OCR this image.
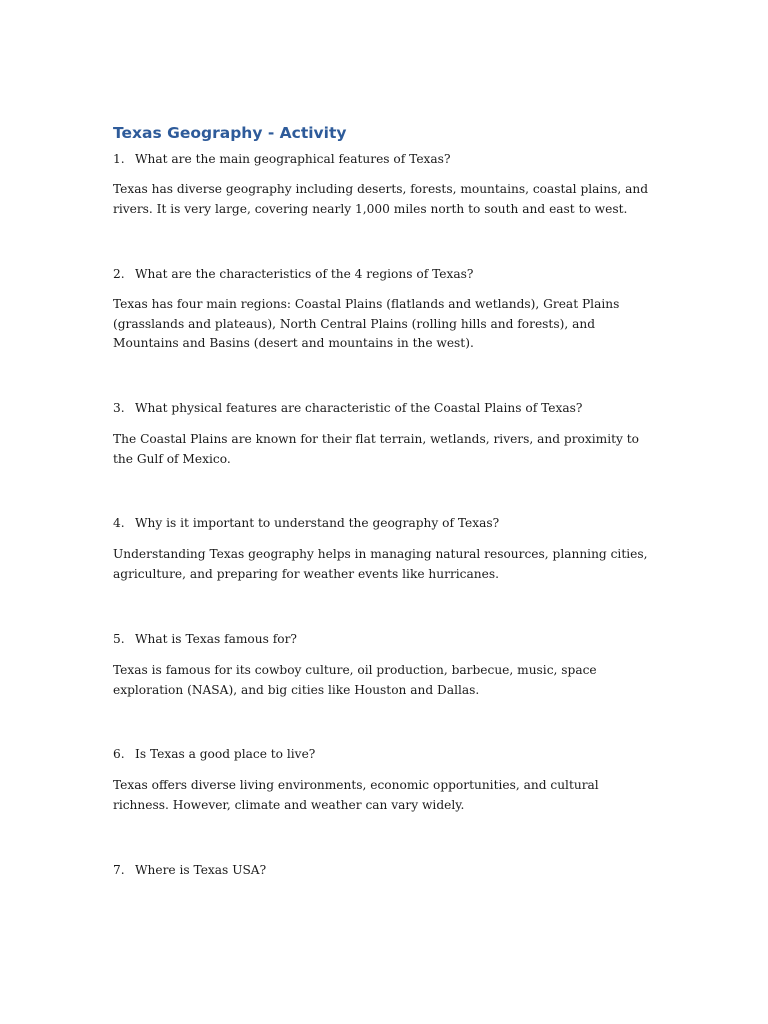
Texas Geography - Activity
1. What are the main geographical features of Texas?
Texas has diverse geography including deserts, forests, mountains, coastal plains, and rivers. It is very large, covering nearly 1,000 miles north to south and east to west.
2. What are the characteristics of the 4 regions of Texas?
Texas has four main regions: Coastal Plains (flatlands and wetlands), Great Plains (grasslands and plateaus), North Central Plains (rolling hills and forests), and Mountains and Basins (desert and mountains in the west).
3. What physical features are characteristic of the Coastal Plains of Texas?
The Coastal Plains are known for their flat terrain, wetlands, rivers, and proximity to the Gulf of Mexico.
4. Why is it important to understand the geography of Texas?
Understanding Texas geography helps in managing natural resources, planning cities, agriculture, and preparing for weather events like hurricanes.
5. What is Texas famous for?
Texas is famous for its cowboy culture, oil production, barbecue, music, space exploration (NASA), and big cities like Houston and Dallas.
6. Is Texas a good place to live?
Texas offers diverse living environments, economic opportunities, and cultural richness. However, climate and weather can vary widely.
7. Where is Texas USA?
